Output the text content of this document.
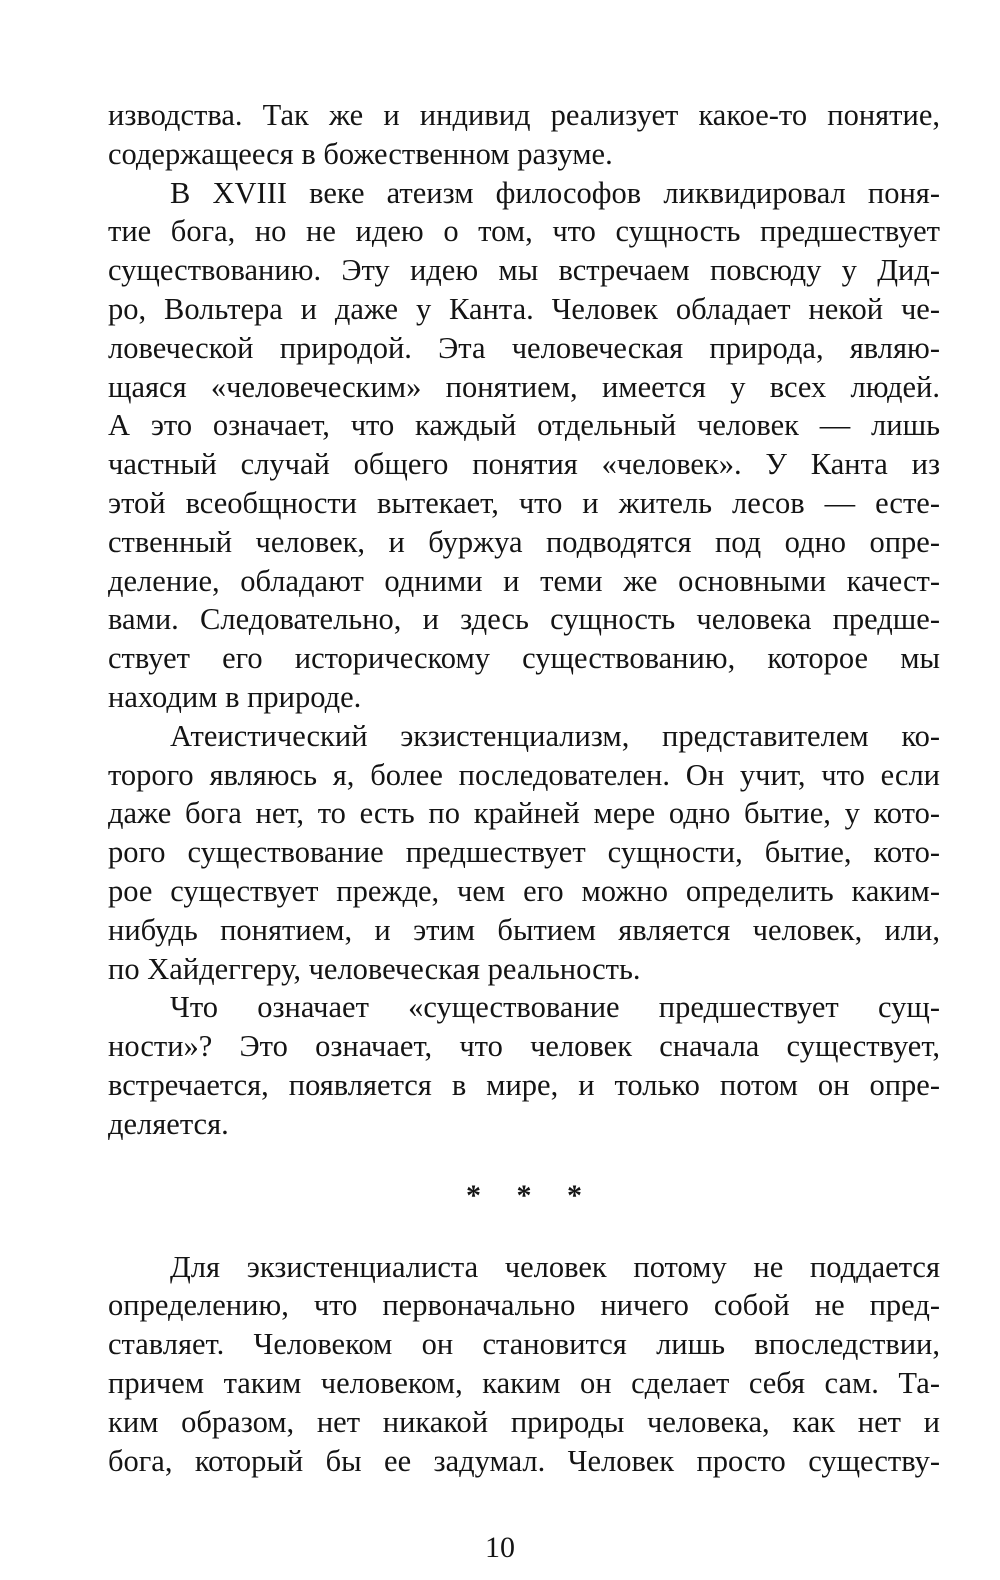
изводства. Так же и индивид реализует какое-то понятие,
содержащееся в божественном разуме.
В XVIII веке атеизм философов ликвидировал поня-
тие бога, но не идею о том, что сущность предшествует
существованию. Эту идею мы встречаем повсюду у Дид-
ро, Вольтера и даже у Канта. Человек обладает некой че-
ловеческой природой. Эта человеческая природа, являю-
щаяся «человеческим» понятием, имеется у всех людей.
А это означает, что каждый отдельный человек — лишь
частный случай общего понятия «человек». У Канта из
этой всеобщности вытекает, что и житель лесов — есте-
ственный человек, и буржуа подводятся под одно опре-
деление, обладают одними и теми же основными качест-
вами. Следовательно, и здесь сущность человека предше-
ствует его историческому существованию, которое мы
находим в природе.
Атеистический экзистенциализм, представителем ко-
торого являюсь я, более последователен. Он учит, что если
даже бога нет, то есть по крайней мере одно бытие, у кото-
рого существование предшествует сущности, бытие, кото-
рое существует прежде, чем его можно определить каким-
нибудь понятием, и этим бытием является человек, или,
по Хайдеггеру, человеческая реальность.
Что означает «существование предшествует сущ-
ности»? Это означает, что человек сначала существует,
встречается, появляется в мире, и только потом он опре-
деляется.
* * *
Для экзистенциалиста человек потому не поддается
определению, что первоначально ничего собой не пред-
ставляет. Человеком он становится лишь впоследствии,
причем таким человеком, каким он сделает себя сам. Та-
ким образом, нет никакой природы человека, как нет и
бога, который бы ее задумал. Человек просто существу-
10
